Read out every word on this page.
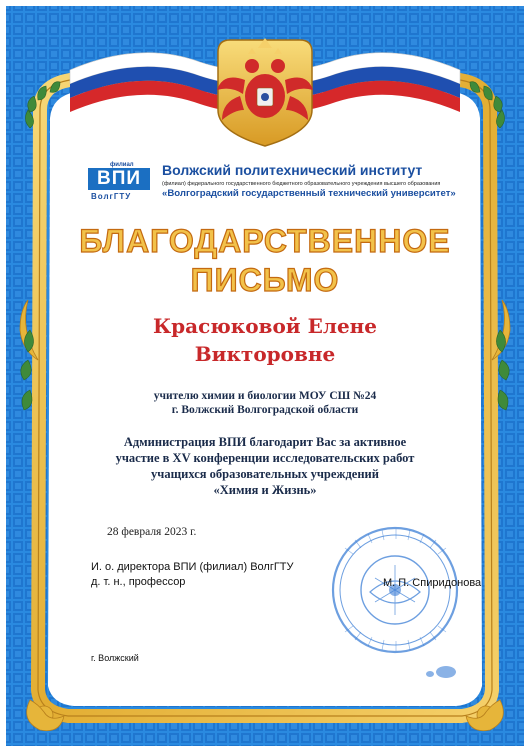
филиал
ВПИ
ВолгГТУ
Волжский политехнический институт
(филиал) федерального государственного бюджетного образовательного учреждения высшего образования
«Волгоградский государственный технический университет»
БЛАГОДАРСТВЕННОЕ
ПИСЬМО
Красюковой Елене
Викторовне
учителю химии и биологии МОУ СШ №24
г. Волжский Волгоградской области
Администрация ВПИ благодарит Вас за активное
участие в XV конференции исследовательских работ
учащихся образовательных учреждений
«Химия и Жизнь»
28 февраля 2023 г.
И. о. директора ВПИ (филиал) ВолгГТУ
д. т. н., профессор	М. П. Спиридонова
г. Волжский
